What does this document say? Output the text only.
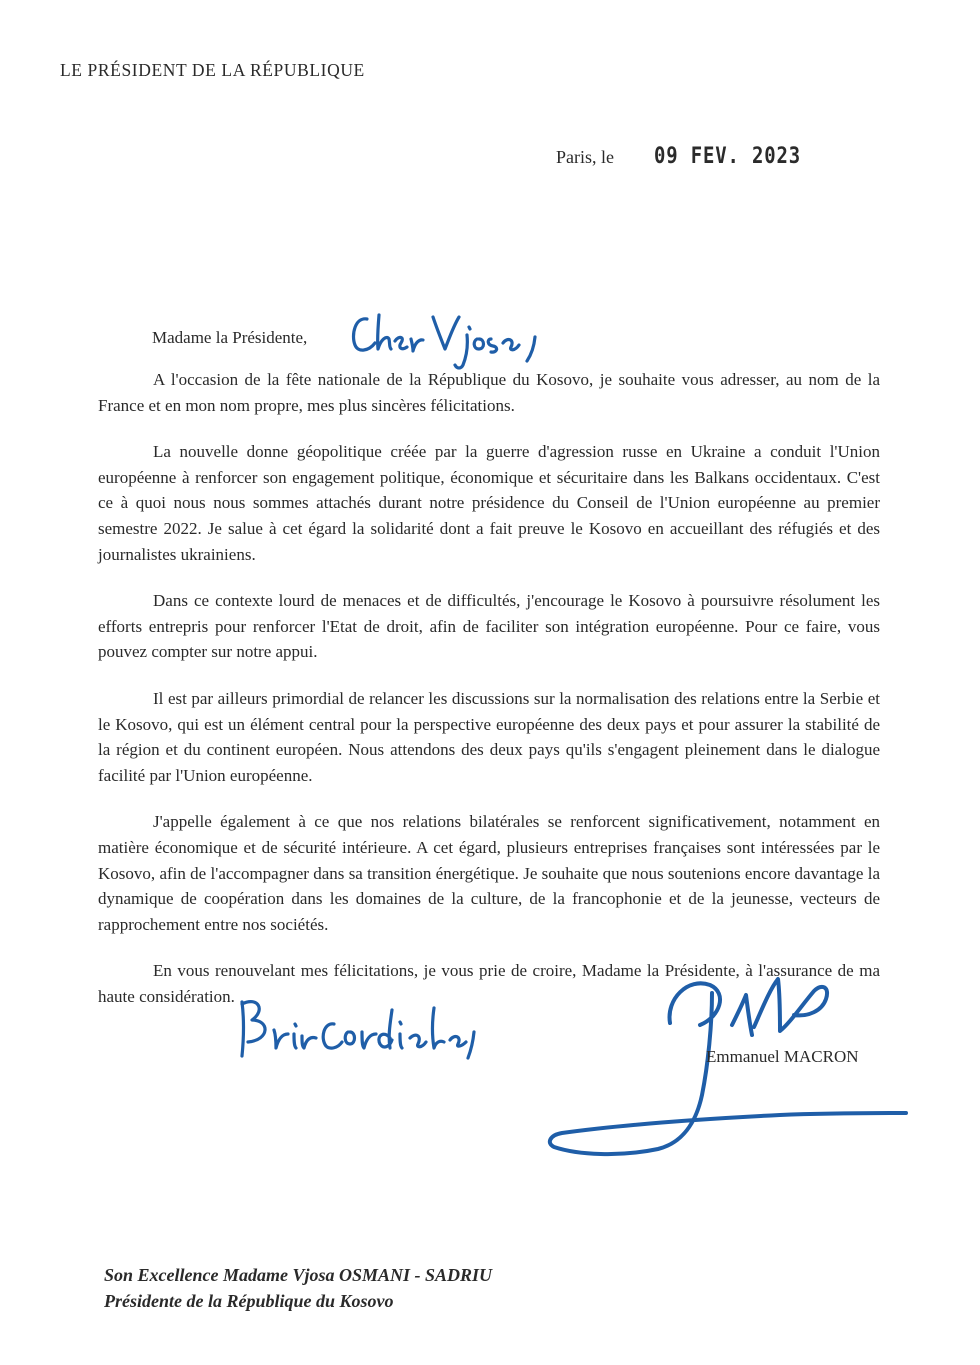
LE PRÉSIDENT DE LA RÉPUBLIQUE
Paris, le 09 FEV. 2023
Madame la Présidente,

A l'occasion de la fête nationale de la République du Kosovo, je souhaite vous adresser, au nom de la France et en mon nom propre, mes plus sincères félicitations.

La nouvelle donne géopolitique créée par la guerre d'agression russe en Ukraine a conduit l'Union européenne à renforcer son engagement politique, économique et sécuritaire dans les Balkans occidentaux. C'est ce à quoi nous nous sommes attachés durant notre présidence du Conseil de l'Union européenne au premier semestre 2022. Je salue à cet égard la solidarité dont a fait preuve le Kosovo en accueillant des réfugiés et des journalistes ukrainiens.

Dans ce contexte lourd de menaces et de difficultés, j'encourage le Kosovo à poursuivre résolument les efforts entrepris pour renforcer l'Etat de droit, afin de faciliter son intégration européenne. Pour ce faire, vous pouvez compter sur notre appui.

Il est par ailleurs primordial de relancer les discussions sur la normalisation des relations entre la Serbie et le Kosovo, qui est un élément central pour la perspective européenne des deux pays et pour assurer la stabilité de la région et du continent européen. Nous attendons des deux pays qu'ils s'engagent pleinement dans le dialogue facilité par l'Union européenne.

J'appelle également à ce que nos relations bilatérales se renforcent significativement, notamment en matière économique et de sécurité intérieure. A cet égard, plusieurs entreprises françaises sont intéressées par le Kosovo, afin de l'accompagner dans sa transition énergétique. Je souhaite que nous soutenions encore davantage la dynamique de coopération dans les domaines de la culture, de la francophonie et de la jeunesse, vecteurs de rapprochement entre nos sociétés.

En vous renouvelant mes félicitations, je vous prie de croire, Madame la Présidente, à l'assurance de ma haute considération.

Emmanuel MACRON
Son Excellence Madame Vjosa OSMANI - SADRIU
Présidente de la République du Kosovo
